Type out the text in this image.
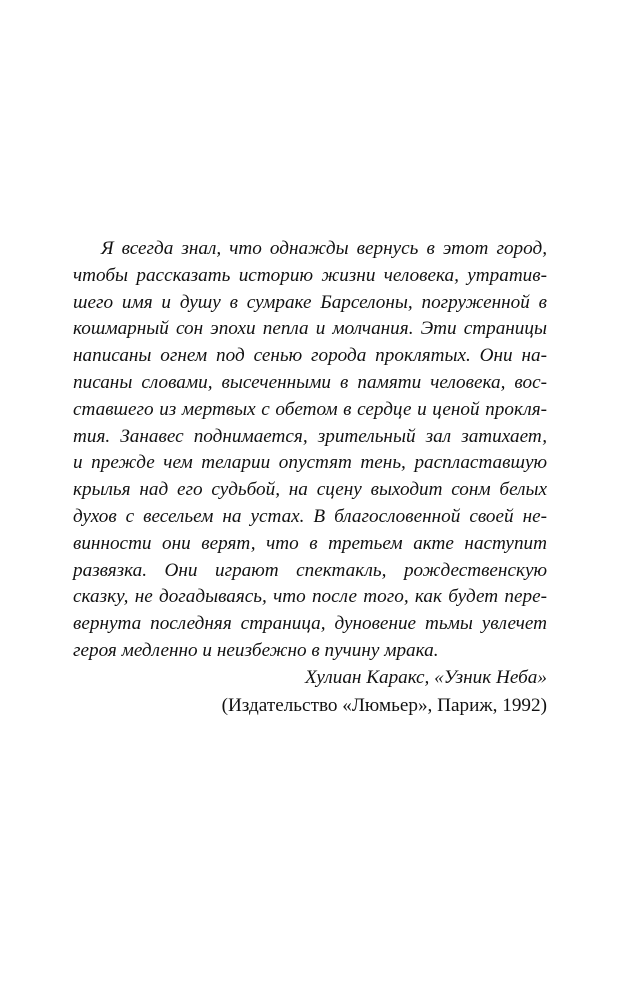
Я всегда знал, что однажды вернусь в этот город,
чтобы рассказать историю жизни человека, утратив-
шего имя и душу в сумраке Барселоны, погруженной в
кошмарный сон эпохи пепла и молчания. Эти страницы
написаны огнем под сенью города проклятых. Они на-
писаны словами, высеченными в памяти человека, вос-
ставшего из мертвых с обетом в сердце и ценой прокля-
тия. Занавес поднимается, зрительный зал затихает,
и прежде чем теларии опустят тень, распластавшую
крылья над его судьбой, на сцену выходит сонм белых
духов с весельем на устах. В благословенной своей не-
винности они верят, что в третьем акте наступит
развязка. Они играют спектакль, рождественскую
сказку, не догадываясь, что после того, как будет пере-
вернута последняя страница, дуновение тьмы увлечет
героя медленно и неизбежно в пучину мрака.
Хулиан Каракс, «Узник Неба»
(Издательство «Люмьер», Париж, 1992)
